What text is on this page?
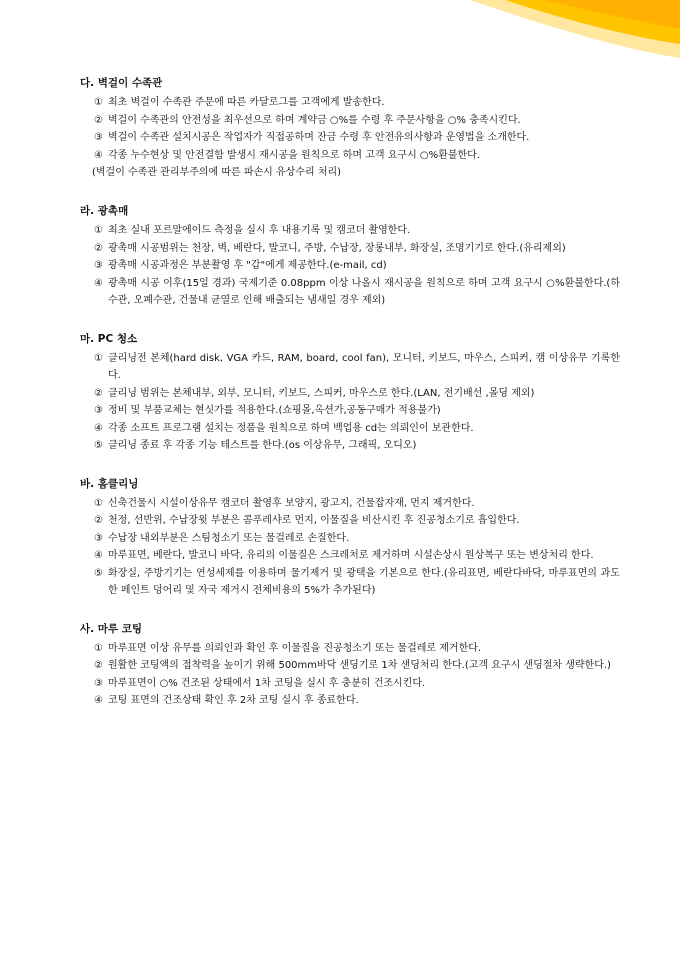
다. 벽걸이 수족관
① 최초 벽걸이 수족관 주문에 따른 카달로그를 고객에게 발송한다.
② 벽걸이 수족관의 안전성을 최우선으로 하며 계약금 ○%를 수령 후 주문사항을 ○% 충족시킨다.
③ 벽걸이 수족관 설치시공은 작업자가 직접공하며 잔금 수령 후 안전유의사항과 운영법을 소개한다.
④ 각종 누수현상 및 안전결함 발생시 재시공을 원칙으로 하며 고객 요구시 ○%환불한다.
(벽걸이 수족관 관리부주의에 따른 파손시 유상수리 처리)
라. 광촉매
① 최초 실내 포르말에이드 측정을 실시 후 내용기록 및 캠코더 촬영한다.
② 광촉매 시공범위는 천장, 벽, 베란다, 발코니, 주방, 수납장, 장롱내부, 화장실, 조명기기로 한다.(유리제외)
③ 광촉매 시공과정은 부분촬영 후 "갑"에게 제공한다.(e-mail, cd)
④ 광촉매 시공 이후(15일 경과) 국제기준 0.08ppm 이상 나올시 재시공을 원칙으로 하며 고객 요구시 ○%환불한다.(하수관, 오폐수관, 건물내 균열로 인해 배출되는 냄새일 경우 제외)
마. PC 청소
① 클리닝전 본체(hard disk, VGA 카드, RAM, board, cool fan), 모니터, 키보드, 마우스, 스피커, 캠 이상유무 기록한다.
② 클리닝 범위는 본체내부, 외부, 모니터, 키보드, 스피커, 마우스로 한다.(LAN, 전기배선 ,몰딩 제외)
③ 정비 및 부품교체는 현싯가를 적용한다.(쇼핑몰,옥션가,공동구매가 적용불가)
④ 각종 소프트 프로그램 설치는 정품을 원칙으로 하며 백업용 cd는 의뢰인이 보관한다.
⑤ 클리닝 종료 후 각종 기능 테스트를 한다.(os 이상유무, 그래픽, 오디오)
바. 홈클리닝
① 신축건물시 시설이상유무 캠코더 촬영후 보양지, 광고지, 건물잡자재, 먼지 제거한다.
② 천정, 선반위, 수납장윗 부분은 콤푸레샤로 먼지, 이물질을 비산시킨 후 진공청소기로 흡입한다.
③ 수납장 내외부분은 스팀청소기 또는 물걸레로 손질한다.
④ 마루표면, 베란다, 발코니 바닥, 유리의 이물질은 스크레처로 제거하며 시설손상시 원상복구 또는 변상처리 한다.
⑤ 화장실, 주방기기는 연성세제를 이용하며 물기제거 및 광택을 기본으로 한다.(유리표면, 베란다바닥, 마루표면의 과도한 페인트 덩어리 및 자국 제거시 전체비용의 5%가 추가된다)
사. 마루 코팅
① 마루표면 이상 유무를 의뢰인과 확인 후 이물질을 진공청소기 또는 물걸레로 제거한다.
② 원활한 코팅액의 접착력을 높이기 위해 500mm바닥 샌딩기로 1차 샌딩처리 한다.(고객 요구시 샌딩절차 생략한다.)
③ 마루표면이 ○% 건조된 상태에서 1차 코팅을 실시 후 충분히 건조시킨다.
④ 코팅 표면의 건조상태 확인 후 2차 코팅 실시 후 종료한다.
